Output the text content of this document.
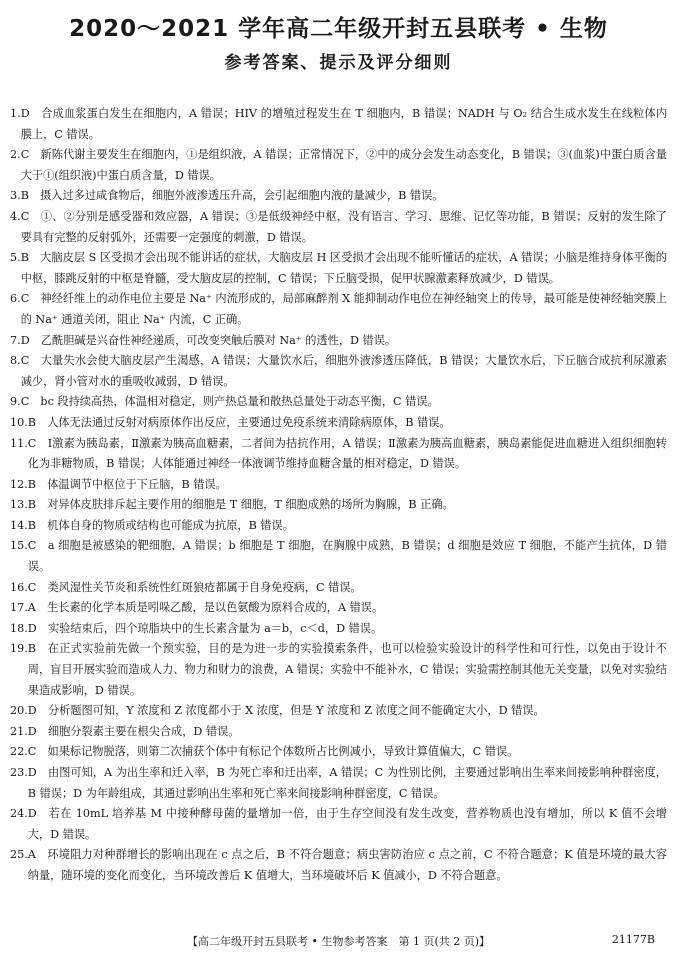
2020～2021 学年高二年级开封五县联考 • 生物
参考答案、提示及评分细则
1. D　合成血浆蛋白发生在细胞内，A 错误；HIV 的增殖过程发生在 T 细胞内，B 错误；NADH 与 O₂ 结合生成水发生在线粒体内膜上，C 错误。
2. C　新陈代谢主要发生在细胞内，①是组织液，A 错误；正常情况下，②中的成分会发生动态变化，B 错误；③(血浆)中蛋白质含量大于①(组织液)中蛋白质含量，D 错误。
3. B　摄入过多过咸食物后，细胞外液渗透压升高，会引起细胞内液的量减少，B 错误。
4. C　①、②分别是感受器和效应器，A 错误；③是低级神经中枢，没有语言、学习、思维、记忆等功能，B 错误；反射的发生除了要具有完整的反射弧外，还需要一定强度的刺激，D 错误。
5. B　大脑皮层 S 区受损才会出现不能讲话的症状，大脑皮层 H 区受损才会出现不能听懂话的症状，A 错误；小脑是维持身体平衡的中枢，膝跳反射的中枢是脊髓，受大脑皮层的控制，C 错误；下丘脑受损，促甲状腺激素释放减少，D 错误。
6. C　神经纤维上的动作电位主要是 Na⁺ 内流形成的，局部麻醉剂 X 能抑制动作电位在神经轴突上的传导，最可能是使神经轴突膜上的 Na⁺ 通道关闭，阻止 Na⁺ 内流，C 正确。
7. D　乙酰胆碱是兴奋性神经递质，可改变突触后膜对 Na⁺ 的透性，D 错误。
8. C　大量失水会使大脑皮层产生渴感，A 错误；大量饮水后，细胞外液渗透压降低，B 错误；大量饮水后，下丘脑合成抗利尿激素减少，肾小管对水的重吸收减弱，D 错误。
9. C　bc 段持续高热，体温相对稳定，则产热总量和散热总量处于动态平衡，C 错误。
10. B　人体无法通过反射对病原体作出反应，主要通过免疫系统来清除病原体，B 错误。
11. C　Ⅰ激素为胰岛素，Ⅱ激素为胰高血糖素，二者间为拮抗作用，A 错误；Ⅱ激素为胰高血糖素，胰岛素能促进血糖进入组织细胞转化为非糖物质，B 错误；人体能通过神经一体液调节维持血糖含量的相对稳定，D 错误。
12. B　体温调节中枢位于下丘脑，B 错误。
13. B　对异体皮肤排斥起主要作用的细胞是 T 细胞，T 细胞成熟的场所为胸腺，B 正确。
14. B　机体自身的物质或结构也可能成为抗原，B 错误。
15. C　a 细胞是被感染的靶细胞，A 错误；b 细胞是 T 细胞，在胸腺中成熟，B 错误；d 细胞是效应 T 细胞，不能产生抗体，D 错误。
16. C　类风湿性关节炎和系统性红斑狼疮都属于自身免疫病，C 错误。
17. A　生长素的化学本质是吲哚乙酸，是以色氨酸为原料合成的，A 错误。
18. D　实验结束后，四个琼脂块中的生长素含量为 a＝b，c＜d，D 错误。
19. B　在正式实验前先做一个预实验，目的是为进一步的实验摸索条件，也可以检验实验设计的科学性和可行性，以免由于设计不周，盲目开展实验而造成人力、物力和财力的浪费，A 错误；实验中不能补水，C 错误；实验需控制其他无关变量，以免对实验结果造成影响，D 错误。
20. D　分析题图可知，Y 浓度和 Z 浓度都小于 X 浓度，但是 Y 浓度和 Z 浓度之间不能确定大小，D 错误。
21. D　细胞分裂素主要在根尖合成，D 错误。
22. C　如果标记物脱落，则第二次捕获个体中有标记个体数所占比例减小，导致计算值偏大，C 错误。
23. D　由图可知，A 为出生率和迁入率，B 为死亡率和迁出率，A 错误；C 为性别比例，主要通过影响出生率来间接影响种群密度，B 错误；D 为年龄组成，其通过影响出生率和死亡率来间接影响种群密度，C 错误。
24. D　若在 10mL 培养基 M 中接种酵母菌的量增加一倍，由于生存空间没有发生改变，营养物质也没有增加，所以 K 值不会增大，D 错误。
25. A　环境阻力对种群增长的影响出现在 c 点之后，B 不符合题意；病虫害防治应 c 点之前，C 不符合题意；K 值是环境的最大容纳量，随环境的变化而变化，当环境改善后 K 值增大，当环境破坏后 K 值减小，D 不符合题意。
【高二年级开封五县联考 • 生物参考答案　第 1 页(共 2 页)】	21177B
